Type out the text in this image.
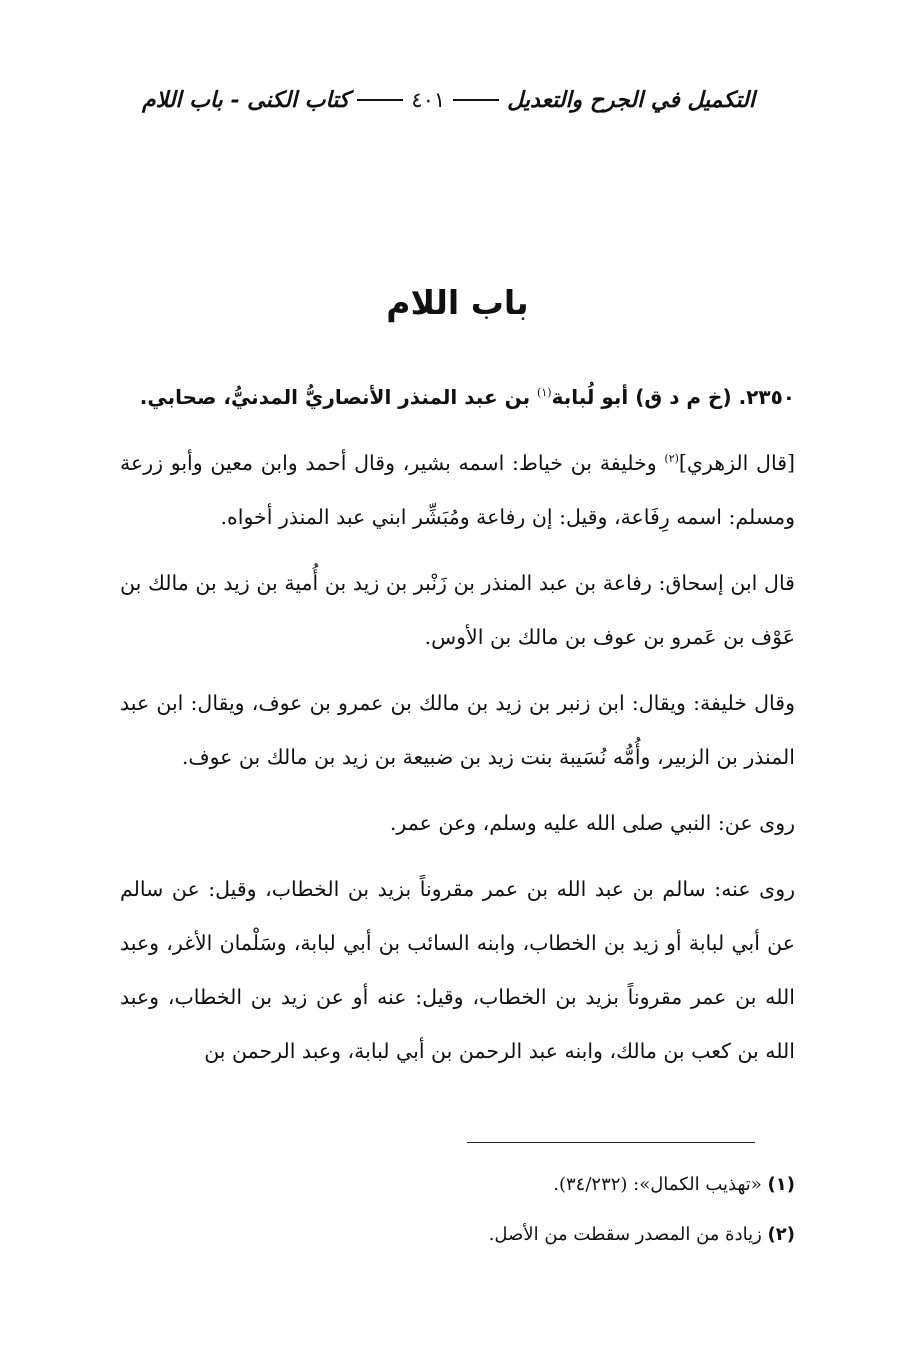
التكميل في الجرح والتعديل
٤٠١
كتاب الكنى - باب اللام
باب اللام

٢٣٥٠. (خ م د ق) أبو لُبابة$^{(١)}$ بن عبد المنذر الأنصاريُّ المدنيُّ، صحابي.

[قال الزهري]$^{(٢)}$ وخليفة بن خياط: اسمه بشير، وقال أحمد وابن معين وأبو زرعة ومسلم: اسمه رِفَاعة، وقيل: إن رفاعة ومُبَشِّر ابني عبد المنذر أخواه.

قال ابن إسحاق: رفاعة بن عبد المنذر بن زَنْبر بن زيد بن أُمية بن زيد بن مالك بن عَوْف بن عَمرو بن عوف بن مالك بن الأوس.

وقال خليفة: ويقال: ابن زنبر بن زيد بن مالك بن عمرو بن عوف، ويقال: ابن عبد المنذر بن الزبير، وأُمُّه نُسَيبة بنت زيد بن ضبيعة بن زيد بن مالك بن عوف.

روى عن: النبي صلى الله عليه وسلم، وعن عمر.

روى عنه: سالم بن عبد الله بن عمر مقروناً بزيد بن الخطاب، وقيل: عن سالم عن أبي لبابة أو زيد بن الخطاب، وابنه السائب بن أبي لبابة، وسَلْمان الأغر، وعبد الله بن عمر مقروناً بزيد بن الخطاب، وقيل: عنه أو عن زيد بن الخطاب، وعبد الله بن كعب بن مالك، وابنه عبد الرحمن بن أبي لبابة، وعبد الرحمن بن

(١) «تهذيب الكمال»: (٣٤/٢٣٢).
(٢) زيادة من المصدر سقطت من الأصل.
